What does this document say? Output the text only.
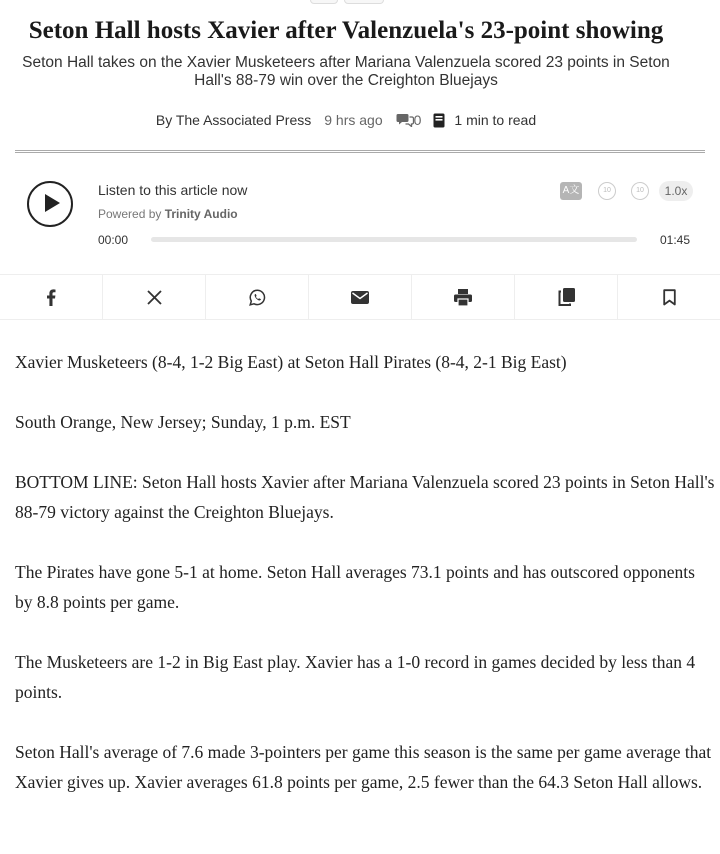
Seton Hall hosts Xavier after Valenzuela's 23-point showing
Seton Hall takes on the Xavier Musketeers after Mariana Valenzuela scored 23 points in Seton Hall's 88-79 win over the Creighton Bluejays
By The Associated Press 9 hrs ago 0 1 min to read
Listen to this article now
Powered by Trinity Audio
00:00	01:45
A文	10	10	1.0x

Xavier Musketeers (8-4, 1-2 Big East) at Seton Hall Pirates (8-4, 2-1 Big East)

South Orange, New Jersey; Sunday, 1 p.m. EST

BOTTOM LINE: Seton Hall hosts Xavier after Mariana Valenzuela scored 23 points in Seton Hall's 88-79 victory against the Creighton Bluejays.

The Pirates have gone 5-1 at home. Seton Hall averages 73.1 points and has outscored opponents by 8.8 points per game.

The Musketeers are 1-2 in Big East play. Xavier has a 1-0 record in games decided by less than 4 points.

Seton Hall's average of 7.6 made 3-pointers per game this season is the same per game average that Xavier gives up. Xavier averages 61.8 points per game, 2.5 fewer than the 64.3 Seton Hall allows.
